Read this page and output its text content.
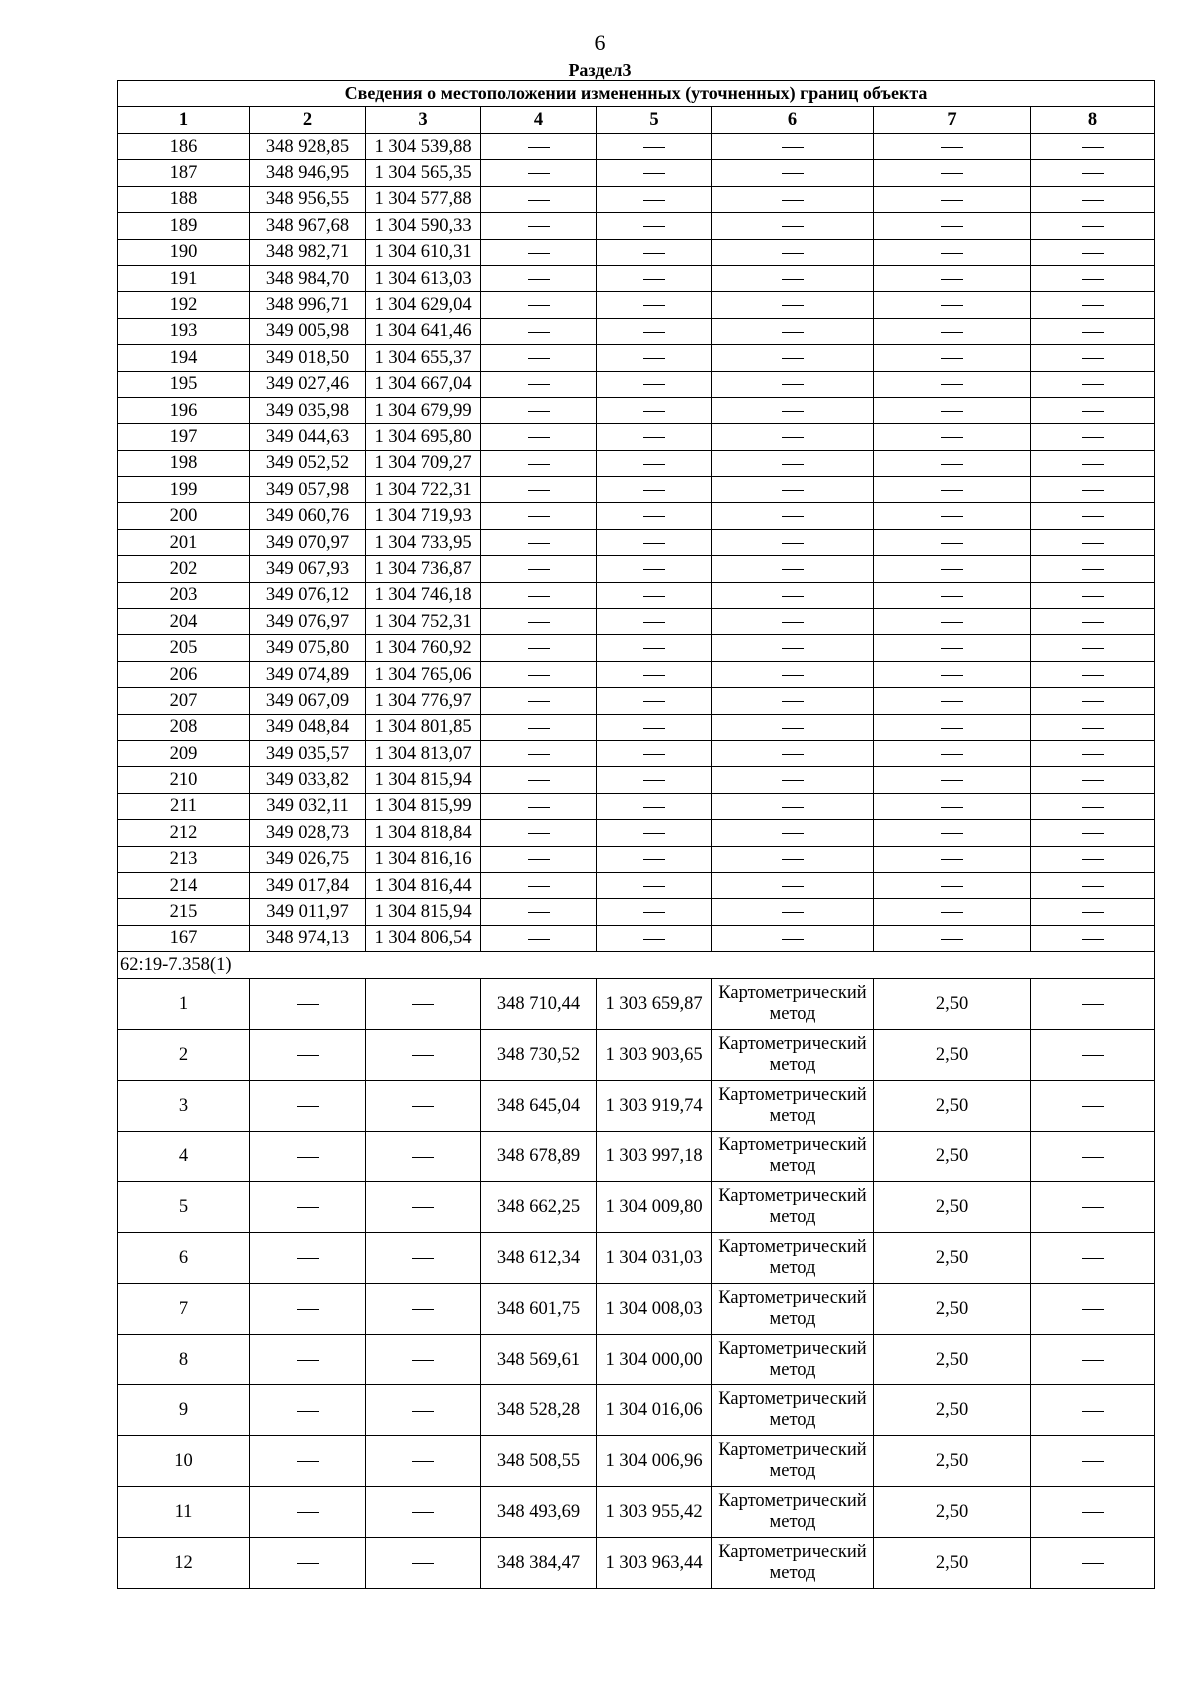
6
Раздел3
Сведения о местоположении измененных (уточненных) границ объекта							
1	2	3	4	5	6	7	8
186	348 928,85	1 304 539,88					
187	348 946,95	1 304 565,35					
188	348 956,55	1 304 577,88					
189	348 967,68	1 304 590,33					
190	348 982,71	1 304 610,31					
191	348 984,70	1 304 613,03					
192	348 996,71	1 304 629,04					
193	349 005,98	1 304 641,46					
194	349 018,50	1 304 655,37					
195	349 027,46	1 304 667,04					
196	349 035,98	1 304 679,99					
197	349 044,63	1 304 695,80					
198	349 052,52	1 304 709,27					
199	349 057,98	1 304 722,31					
200	349 060,76	1 304 719,93					
201	349 070,97	1 304 733,95					
202	349 067,93	1 304 736,87					
203	349 076,12	1 304 746,18					
204	349 076,97	1 304 752,31					
205	349 075,80	1 304 760,92					
206	349 074,89	1 304 765,06					
207	349 067,09	1 304 776,97					
208	349 048,84	1 304 801,85					
209	349 035,57	1 304 813,07					
210	349 033,82	1 304 815,94					
211	349 032,11	1 304 815,99					
212	349 028,73	1 304 818,84					
213	349 026,75	1 304 816,16					
214	349 017,84	1 304 816,44					
215	349 011,97	1 304 815,94					
167	348 974,13	1 304 806,54					
62:19-7.358(1)							
1			348 710,44	1 303 659,87	Картометрический метод	2,50	
2			348 730,52	1 303 903,65	Картометрический метод	2,50	
3			348 645,04	1 303 919,74	Картометрический метод	2,50	
4			348 678,89	1 303 997,18	Картометрический метод	2,50	
5			348 662,25	1 304 009,80	Картометрический метод	2,50	
6			348 612,34	1 304 031,03	Картометрический метод	2,50	
7			348 601,75	1 304 008,03	Картометрический метод	2,50	
8			348 569,61	1 304 000,00	Картометрический метод	2,50	
9			348 528,28	1 304 016,06	Картометрический метод	2,50	
10			348 508,55	1 304 006,96	Картометрический метод	2,50	
11			348 493,69	1 303 955,42	Картометрический метод	2,50	
12			348 384,47	1 303 963,44	Картометрический метод	2,50	
